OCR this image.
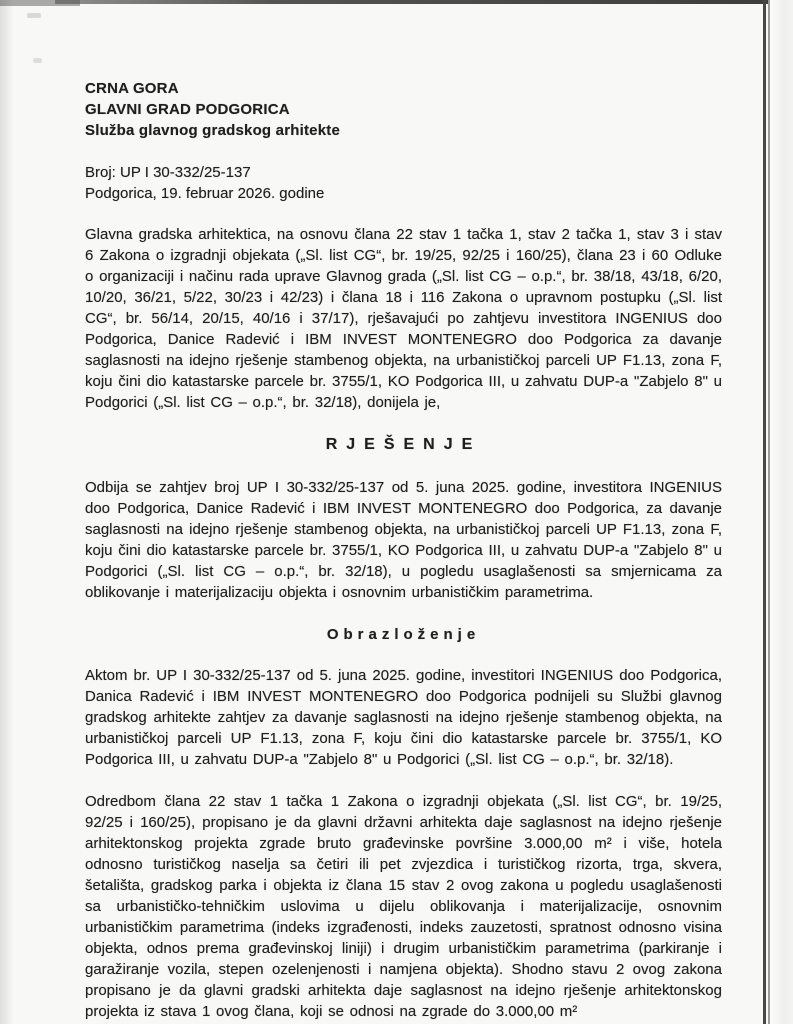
CRNA GORA
GLAVNI GRAD PODGORICA
Služba glavnog gradskog arhitekte
Broj: UP I 30-332/25-137
Podgorica, 19. februar 2026. godine

Glavna gradska arhitektica, na osnovu člana 22 stav 1 tačka 1, stav 2 tačka 1, stav 3 i stav 6 Zakona o izgradnji objekata („Sl. list CG“, br. 19/25, 92/25 i 160/25), člana 23 i 60 Odluke o organizaciji i načinu rada uprave Glavnog grada („Sl. list CG – o.p.“, br. 38/18, 43/18, 6/20, 10/20, 36/21, 5/22, 30/23 i 42/23) i člana 18 i 116 Zakona o upravnom postupku („Sl. list CG“, br. 56/14, 20/15, 40/16 i 37/17), rješavajući po zahtjevu investitora INGENIUS doo Podgorica, Danice Radević i IBM INVEST MONTENEGRO doo Podgorica za davanje saglasnosti na idejno rješenje stambenog objekta, na urbanističkoj parceli UP F1.13, zona F, koju čini dio katastarske parcele br. 3755/1, KO Podgorica III, u zahvatu DUP-a "Zabjelo 8" u Podgorici („Sl. list CG – o.p.“, br. 32/18), donijela je,

RJEŠENJE

Odbija se zahtjev broj UP I 30-332/25-137 od 5. juna 2025. godine, investitora INGENIUS doo Podgorica, Danice Radević i IBM INVEST MONTENEGRO doo Podgorica, za davanje saglasnosti na idejno rješenje stambenog objekta, na urbanističkoj parceli UP F1.13, zona F, koju čini dio katastarske parcele br. 3755/1, KO Podgorica III, u zahvatu DUP-a "Zabjelo 8" u Podgorici („Sl. list CG – o.p.“, br. 32/18), u pogledu usaglašenosti sa smjernicama za oblikovanje i materijalizaciju objekta i osnovnim urbanističkim parametrima.

Obrazloženje

Aktom br. UP I 30-332/25-137 od 5. juna 2025. godine, investitori INGENIUS doo Podgorica, Danica Radević i IBM INVEST MONTENEGRO doo Podgorica podnijeli su Službi glavnog gradskog arhitekte zahtjev za davanje saglasnosti na idejno rješenje stambenog objekta, na urbanističkoj parceli UP F1.13, zona F, koju čini dio katastarske parcele br. 3755/1, KO Podgorica III, u zahvatu DUP-a "Zabjelo 8" u Podgorici („Sl. list CG – o.p.“, br. 32/18).

Odredbom člana 22 stav 1 tačka 1 Zakona o izgradnji objekata („Sl. list CG“, br. 19/25, 92/25 i 160/25), propisano je da glavni državni arhitekta daje saglasnost na idejno rješenje arhitektonskog projekta zgrade bruto građevinske površine 3.000,00 m² i više, hotela odnosno turističkog naselja sa četiri ili pet zvjezdica i turističkog rizorta, trga, skvera, šetališta, gradskog parka i objekta iz člana 15 stav 2 ovog zakona u pogledu usaglašenosti sa urbanističko-tehničkim uslovima u dijelu oblikovanja i materijalizacije, osnovnim urbanističkim parametrima (indeks izgrađenosti, indeks zauzetosti, spratnost odnosno visina objekta, odnos prema građevinskoj liniji) i drugim urbanističkim parametrima (parkiranje i garažiranje vozila, stepen ozelenjenosti i namjena objekta). Shodno stavu 2 ovog zakona propisano je da glavni gradski arhitekta daje saglasnost na idejno rješenje arhitektonskog projekta iz stava 1 ovog člana, koji se odnosi na zgrade do 3.000,00 m²
